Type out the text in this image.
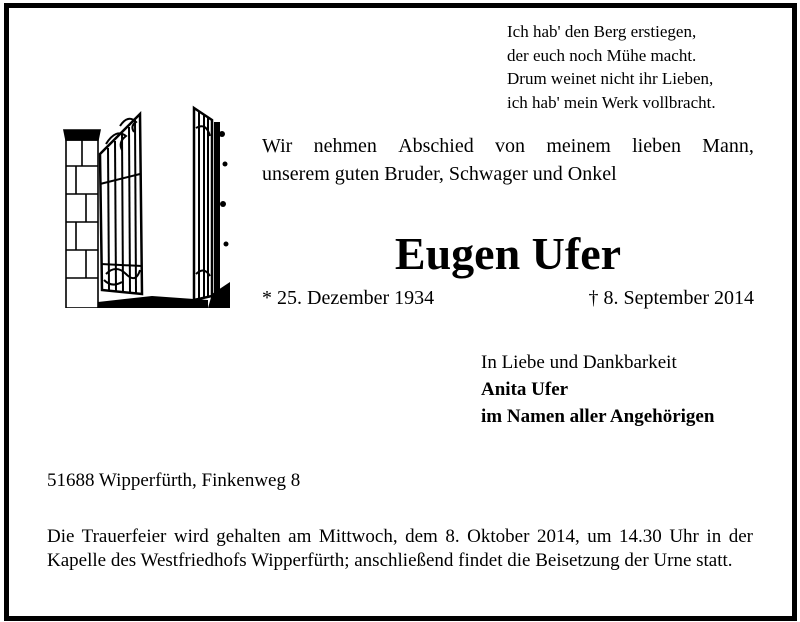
Ich hab' den Berg erstiegen,
der euch noch Mühe macht.
Drum weinet nicht ihr Lieben,
ich hab' mein Werk vollbracht.
Wir nehmen Abschied von meinem lieben Mann,
unserem guten Bruder, Schwager und Onkel
Eugen Ufer
* 25. Dezember 1934	† 8. September 2014
In Liebe und Dankbarkeit
Anita Ufer
im Namen aller Angehörigen
51688 Wipperfürth, Finkenweg 8
Die Trauerfeier wird gehalten am Mittwoch, dem 8. Oktober 2014, um 14.30 Uhr in der Kapelle des Westfriedhofs Wipperfürth; anschließend findet die Beisetzung der Urne statt.
